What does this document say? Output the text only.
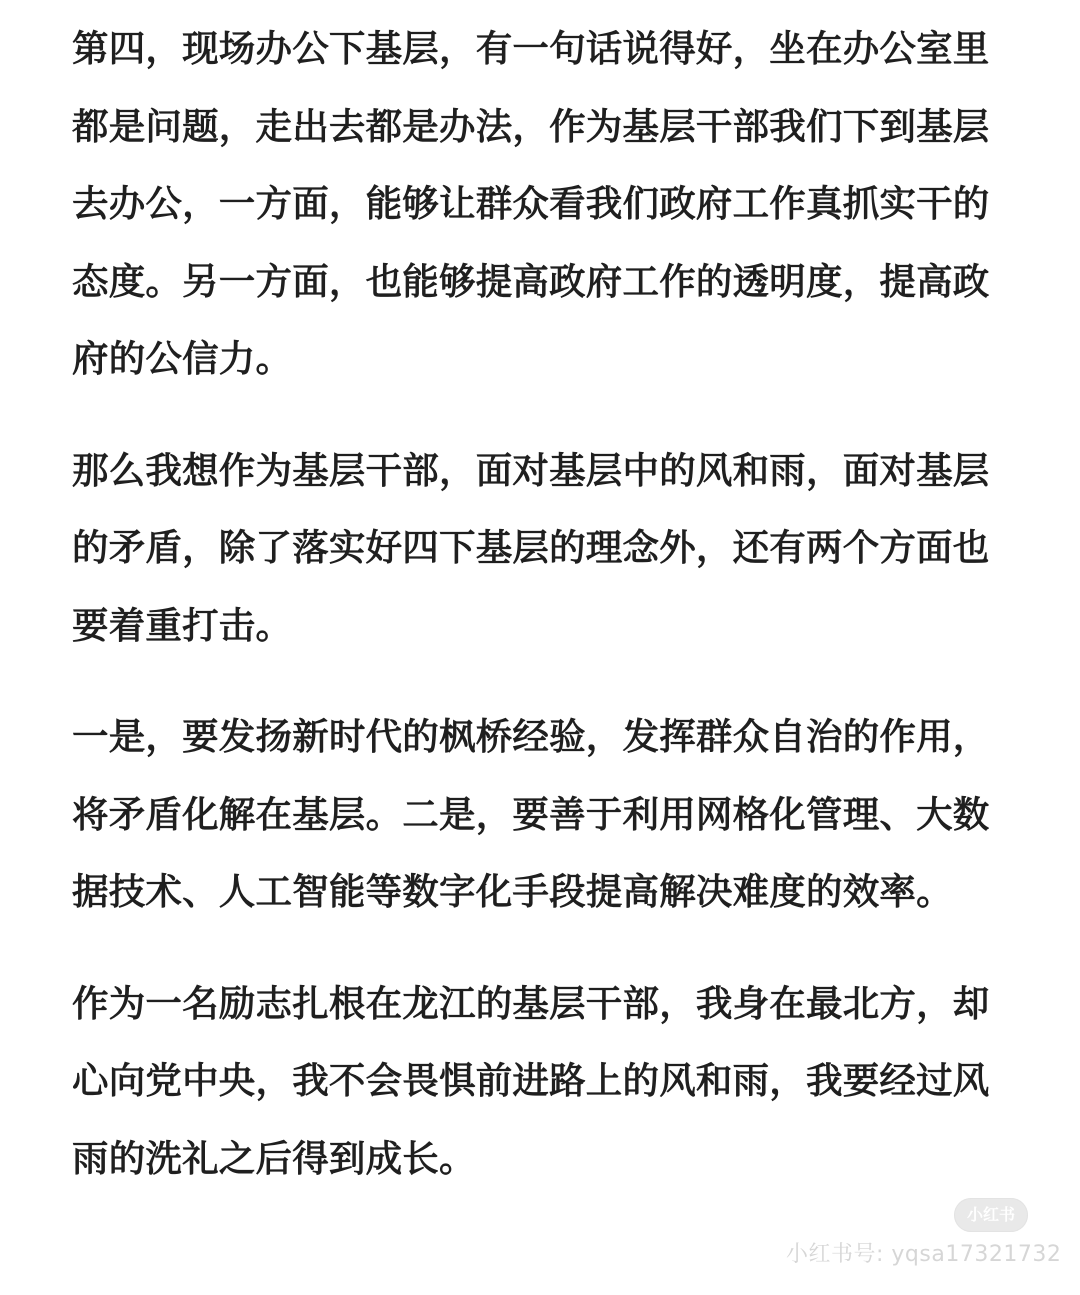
第四，现场办公下基层，有一句话说得好，坐在办公室里
都是问题，走出去都是办法，作为基层干部我们下到基层
去办公，一方面，能够让群众看我们政府工作真抓实干的
态度。另一方面，也能够提高政府工作的透明度，提高政
府的公信力。

那么我想作为基层干部，面对基层中的风和雨，面对基层
的矛盾，除了落实好四下基层的理念外，还有两个方面也
要着重打击。

一是，要发扬新时代的枫桥经验，发挥群众自治的作用，
将矛盾化解在基层。二是，要善于利用网格化管理、大数
据技术、人工智能等数字化手段提高解决难度的效率。

作为一名励志扎根在龙江的基层干部，我身在最北方，却
心向党中央，我不会畏惧前进路上的风和雨，我要经过风
雨的洗礼之后得到成长。

小红书
小红书号: yqsa17321732
